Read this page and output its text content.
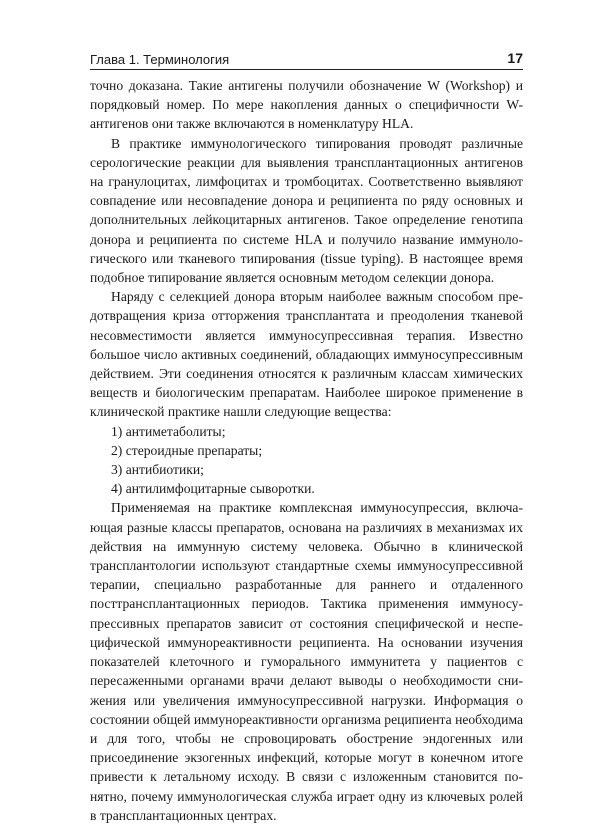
Глава 1. Терминология	17

точно доказана. Такие антигены получили обозначение W (Workshop) и порядковый номер. По мере накопления данных о специфичности W-антигенов они также включаются в номенклатуру HLA.

В практике иммунологического типирования проводят различные серологические реакции для выявления трансплантационных антигенов на гранулоцитах, лимфоцитах и тромбоцитах. Соответственно выявляют совпадение или несовпадение донора и реципиента по ряду основных и дополнительных лейкоцитарных антигенов. Такое определение генотипа донора и реципиента по системе HLA и получило название иммунологического или тканевого типирования (tissue typing). В настоящее время подобное типирование является основным методом селекции донора.

Наряду с селекцией донора вторым наиболее важным способом предотвращения криза отторжения трансплантата и преодоления тканевой несовместимости является иммуносупрессивная терапия. Известно большое число активных соединений, обладающих иммуносупрессивным действием. Эти соединения относятся к различным классам химических веществ и биологическим препаратам. Наиболее широкое применение в клинической практике нашли следующие вещества:

1) антиметаболиты;

2) стероидные препараты;

3) антибиотики;

4) антилимфоцитарные сыворотки.

Применяемая на практике комплексная иммуносупрессия, включающая разные классы препаратов, основана на различиях в механизмах их действия на иммунную систему человека. Обычно в клинической трансплантологии используют стандартные схемы иммуносупрессивной терапии, специально разработанные для раннего и отдаленного посттрансплантационных периодов. Тактика применения иммуносупрессивных препаратов зависит от состояния специфической и неспецифической иммунореактивности реципиента. На основании изучения показателей клеточного и гуморального иммунитета у пациентов с пересаженными органами врачи делают выводы о необходимости снижения или увеличения иммуносупрессивной нагрузки. Информация о состоянии общей иммунореактивности организма реципиента необходима и для того, чтобы не спровоцировать обострение эндогенных или присоединение экзогенных инфекций, которые могут в конечном итоге привести к летальному исходу. В связи с изложенным становится понятно, почему иммунологическая служба играет одну из ключевых ролей в трансплантационных центрах.
